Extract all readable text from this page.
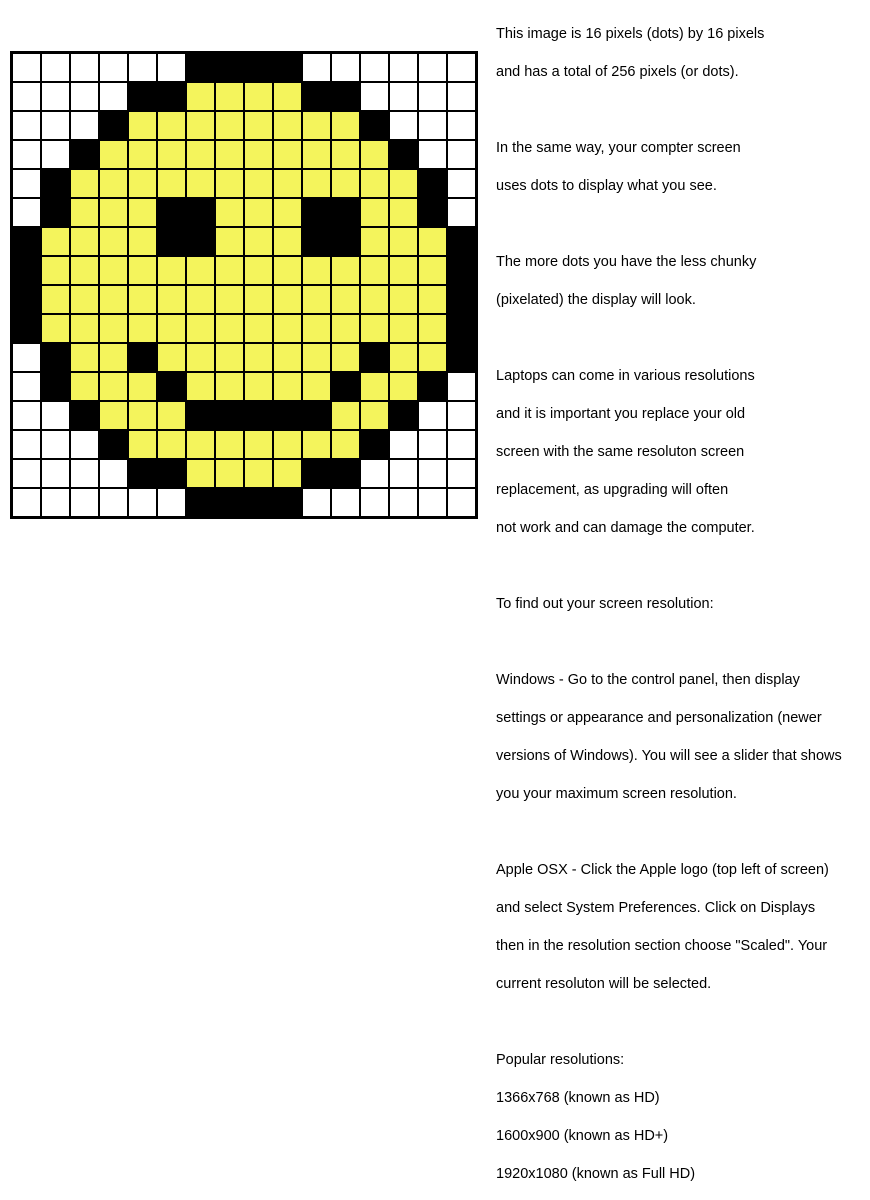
This image is 16 pixels (dots) by 16 pixels

and has a total of 256 pixels (or dots).

In the same way, your compter screen

uses dots to display what you see.

The more dots you have the less chunky

(pixelated) the display will look.

Laptops can come in various resolutions

and it is important you replace your old

screen with the same resoluton screen

replacement, as upgrading will often

not work and can damage the computer.

To find out your screen resolution:

Windows - Go to the control panel, then display

settings or appearance and personalization (newer

versions of Windows). You will see a slider that shows

you your maximum screen resolution.

Apple OSX - Click the Apple logo (top left of screen)

and select System Preferences. Click on Displays

then in the resolution section choose "Scaled". Your

current resoluton will be selected.

Popular resolutions:

1366x768 (known as HD)

1600x900 (known as HD+)

1920x1080 (known as Full HD)
